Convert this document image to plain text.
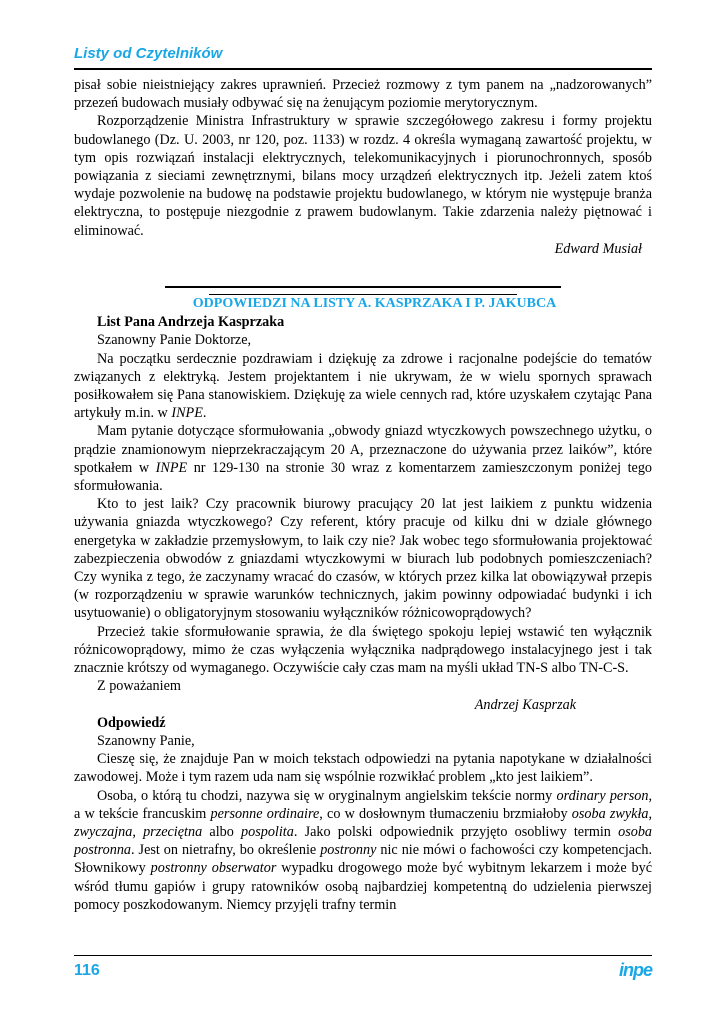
Listy od Czytelników

pisał sobie nieistniejący zakres uprawnień. Przecież rozmowy z tym panem na „nadzorowanych” przezeń budowach musiały odbywać się na żenującym poziomie merytorycznym.

Rozporządzenie Ministra Infrastruktury w sprawie szczegółowego zakresu i formy projektu budowlanego (Dz. U. 2003, nr 120, poz. 1133) w rozdz. 4 określa wymaganą zawartość projektu, w tym opis rozwiązań instalacji elektrycznych, telekomunikacyjnych i piorunochronnych, sposób powiązania z sieciami zewnętrznymi, bilans mocy urządzeń elektrycznych itp. Jeżeli zatem ktoś wydaje pozwolenie na budowę na podstawie projektu budowlanego, w którym nie występuje branża elektryczna, to postępuje niezgodnie z prawem budowlanym. Takie zdarzenia należy piętnować i eliminować.

Edward Musiał

ODPOWIEDZI NA LISTY A. KASPRZAKA I P. JAKUBCA

List Pana Andrzeja Kasprzaka

Szanowny Panie Doktorze,

Na początku serdecznie pozdrawiam i dziękuję za zdrowe i racjonalne podejście do tematów związanych z elektryką. Jestem projektantem i nie ukrywam, że w wielu spornych sprawach posiłkowałem się Pana stanowiskiem. Dziękuję za wiele cennych rad, które uzyskałem czytając Pana artykuły m.in. w INPE.

Mam pytanie dotyczące sformułowania „obwody gniazd wtyczkowych powszechnego użytku, o prądzie znamionowym nieprzekraczającym 20 A, przeznaczone do używania przez laików”, które spotkałem w INPE nr 129-130 na stronie 30 wraz z komentarzem zamieszczonym poniżej tego sformułowania.

Kto to jest laik? Czy pracownik biurowy pracujący 20 lat jest laikiem z punktu widzenia używania gniazda wtyczkowego? Czy referent, który pracuje od kilku dni w dziale głównego energetyka w zakładzie przemysłowym, to laik czy nie? Jak wobec tego sformułowania projektować zabezpieczenia obwodów z gniazdami wtyczkowymi w biurach lub podobnych pomieszczeniach? Czy wynika z tego, że zaczynamy wracać do czasów, w których przez kilka lat obowiązywał przepis (w rozporządzeniu w sprawie warunków technicznych, jakim powinny odpowiadać budynki i ich usytuowanie) o obligatoryjnym stosowaniu wyłączników różnicowoprądowych?

Przecież takie sformułowanie sprawia, że dla świętego spokoju lepiej wstawić ten wyłącznik różnicowoprądowy, mimo że czas wyłączenia wyłącznika nadprądowego instalacyjnego jest i tak znacznie krótszy od wymaganego. Oczywiście cały czas mam na myśli układ TN-S albo TN-C-S.

Z poważaniem

Andrzej Kasprzak

Odpowiedź

Szanowny Panie,

Cieszę się, że znajduje Pan w moich tekstach odpowiedzi na pytania napotykane w działalności zawodowej. Może i tym razem uda nam się wspólnie rozwikłać problem „kto jest laikiem”.

Osoba, o którą tu chodzi, nazywa się w oryginalnym angielskim tekście normy ordinary person, a w tekście francuskim personne ordinaire, co w dosłownym tłumaczeniu brzmiałoby osoba zwykła, zwyczajna, przeciętna albo pospolita. Jako polski odpowiednik przyjęto osobliwy termin osoba postronna. Jest on nietrafny, bo określenie postronny nic nie mówi o fachowości czy kompetencjach. Słownikowy postronny obserwator wypadku drogowego może być wybitnym lekarzem i może być wśród tłumu gapiów i grupy ratowników osobą najbardziej kompetentną do udzielenia pierwszej pomocy poszkodowanym. Niemcy przyjęli trafny termin

116	inpe
